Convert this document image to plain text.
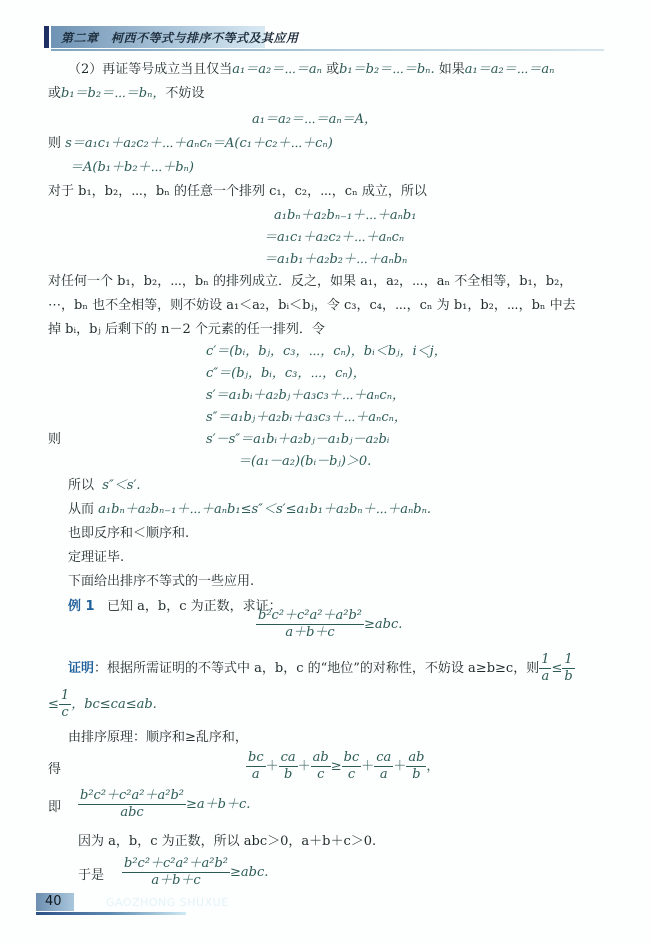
第二章　柯西不等式与排序不等式及其应用
（2）再证等号成立当且仅当a₁＝a₂＝⋯＝aₙ 或b₁＝b₂＝⋯＝bₙ. 如果a₁＝a₂＝⋯＝aₙ
或b₁＝b₂＝⋯＝bₙ，不妨设
a₁＝a₂＝⋯＝aₙ＝A，
则 s＝a₁c₁＋a₂c₂＋⋯＋aₙcₙ＝A(c₁＋c₂＋⋯＋cₙ)
＝A(b₁＋b₂＋⋯＋bₙ)
对于 b₁，b₂，⋯，bₙ 的任意一个排列 c₁，c₂，⋯，cₙ 成立，所以
a₁bₙ＋a₂bₙ₋₁＋⋯＋aₙb₁
＝a₁c₁＋a₂c₂＋⋯＋aₙcₙ
＝a₁b₁＋a₂b₂＋⋯＋aₙbₙ
对任何一个 b₁，b₂，⋯，bₙ 的排列成立．反之，如果 a₁，a₂，⋯，aₙ 不全相等，b₁，b₂，
⋯，bₙ 也不全相等，则不妨设 a₁＜a₂，bᵢ＜bⱼ，令 c₃，c₄，⋯，cₙ 为 b₁，b₂，⋯，bₙ 中去
掉 bᵢ，bⱼ 后剩下的 n－2 个元素的任一排列．令
c′＝(bᵢ，bⱼ，c₃，⋯，cₙ)，bᵢ＜bⱼ，i＜j，
c″＝(bⱼ，bᵢ，c₃，⋯，cₙ)，
s′＝a₁bᵢ＋a₂bⱼ＋a₃c₃＋⋯＋aₙcₙ，
s″＝a₁bⱼ＋a₂bᵢ＋a₃c₃＋⋯＋aₙcₙ，
则	s′－s″＝a₁bᵢ＋a₂bⱼ－a₁bⱼ－a₂bᵢ
＝(a₁－a₂)(bᵢ－bⱼ)＞0.
所以 s″＜s′.
从而 a₁bₙ＋a₂bₙ₋₁＋⋯＋aₙb₁≤s″＜s′≤a₁b₁＋a₂bₙ＋⋯＋aₙbₙ.
也即反序和＜顺序和.
定理证毕.
下面给出排序不等式的一些应用.
例 1 已知 a，b，c 为正数，求证：
$\frac{\text{b²c²＋c²a²＋a²b²}}{a+b+c} \ge abc$.
证明：根据所需证明的不等式中 a，b，c 的“地位”的对称性，不妨设 a≥b≥c，则 $\frac{1}{a} \le \frac{1}{b}$
≤ $\frac{1}{c}$ ，bc≤ca≤ab.
由排序原理：顺序和≥乱序和，
得	$\frac{bc}{a} + \frac{ca}{b} + \frac{ab}{c} \ge \frac{bc}{c} + \frac{ca}{a} + \frac{ab}{b}$ ，
即 $\frac{\text{b²c²＋c²a²＋a²b²}}{\text{abc}} \ge a+b+c$.
因为 a，b，c 为正数，所以 abc＞0，a＋b＋c＞0.
于是 $\frac{\text{b²c²＋c²a²＋a²b²}}{a+b+c} \ge abc$.
40	GAOZHONG SHUXUE
